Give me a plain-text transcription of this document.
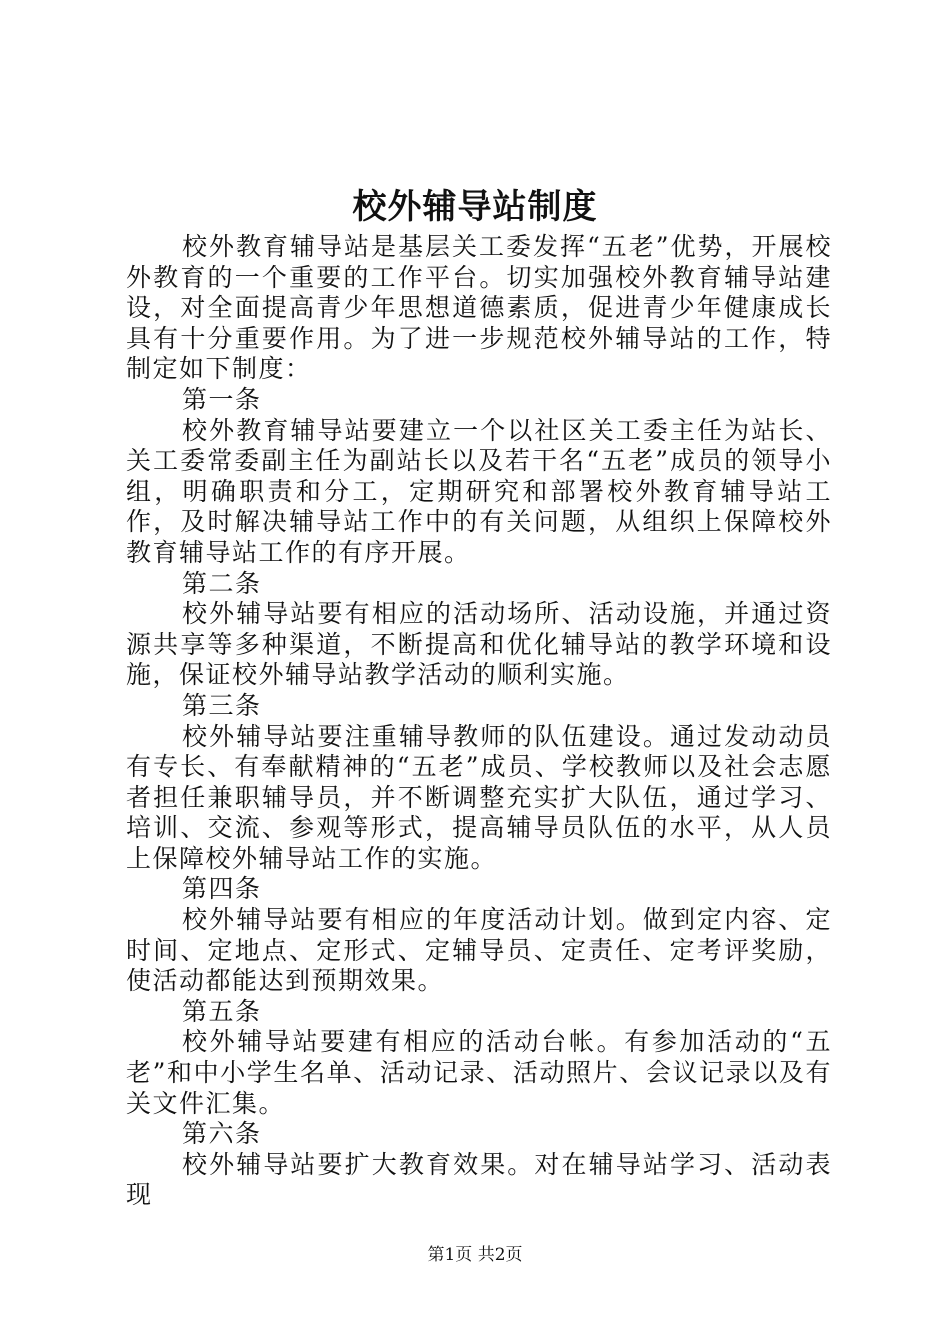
校外辅导站制度

校外教育辅导站是基层关工委发挥“五老”优势，开展校外教育的一个重要的工作平台。切实加强校外教育辅导站建设，对全面提高青少年思想道德素质，促进青少年健康成长具有十分重要作用。为了进一步规范校外辅导站的工作，特制定如下制度：

第一条

校外教育辅导站要建立一个以社区关工委主任为站长、关工委常委副主任为副站长以及若干名“五老”成员的领导小组，明确职责和分工，定期研究和部署校外教育辅导站工作，及时解决辅导站工作中的有关问题，从组织上保障校外教育辅导站工作的有序开展。

第二条

校外辅导站要有相应的活动场所、活动设施，并通过资源共享等多种渠道，不断提高和优化辅导站的教学环境和设施，保证校外辅导站教学活动的顺利实施。

第三条

校外辅导站要注重辅导教师的队伍建设。通过发动动员有专长、有奉献精神的“五老”成员、学校教师以及社会志愿者担任兼职辅导员，并不断调整充实扩大队伍，通过学习、培训、交流、参观等形式，提高辅导员队伍的水平，从人员上保障校外辅导站工作的实施。

第四条

校外辅导站要有相应的年度活动计划。做到定内容、定时间、定地点、定形式、定辅导员、定责任、定考评奖励，使活动都能达到预期效果。

第五条

校外辅导站要建有相应的活动台帐。有参加活动的“五老”和中小学生名单、活动记录、活动照片、会议记录以及有关文件汇集。

第六条

校外辅导站要扩大教育效果。对在辅导站学习、活动表现

第1页 共2页
